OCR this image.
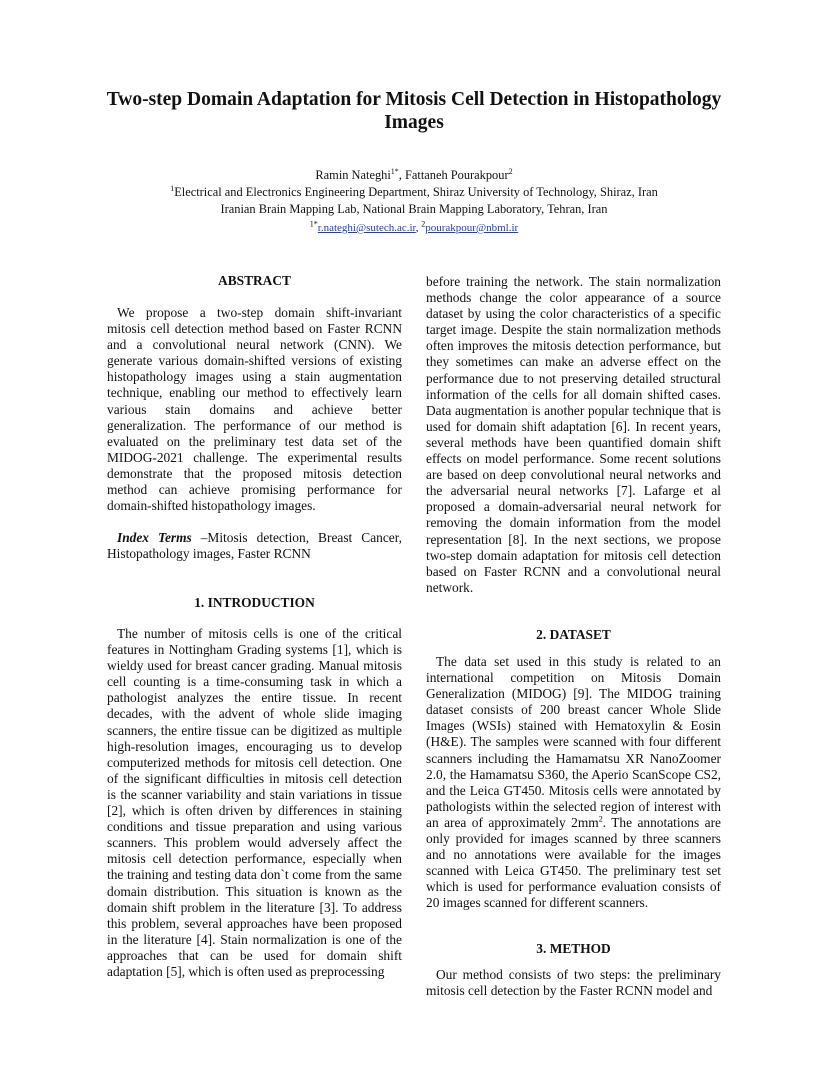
Two-step Domain Adaptation for Mitosis Cell Detection in Histopathology Images
Ramin Nateghi$^{1*}$, Fattaneh Pourakpour$^2$
$^1$Electrical and Electronics Engineering Department, Shiraz University of Technology, Shiraz, Iran
Iranian Brain Mapping Lab, National Brain Mapping Laboratory, Tehran, Iran
$^{1*}$r.nateghi@sutech.ac.ir, $^2$pourakpour@nbml.ir
ABSTRACT

We propose a two-step domain shift-invariant mitosis cell detection method based on Faster RCNN and a convolutional neural network (CNN). We generate various domain-shifted versions of existing histopathology images using a stain augmentation technique, enabling our method to effectively learn various stain domains and achieve better generalization. The performance of our method is evaluated on the preliminary test data set of the MIDOG-2021 challenge. The experimental results demonstrate that the proposed mitosis detection method can achieve promising performance for domain-shifted histopathology images.

Index Terms –Mitosis detection, Breast Cancer, Histopathology images, Faster RCNN

1. INTRODUCTION

The number of mitosis cells is one of the critical features in Nottingham Grading systems [1], which is wieldy used for breast cancer grading. Manual mitosis cell counting is a time-consuming task in which a pathologist analyzes the entire tissue. In recent decades, with the advent of whole slide imaging scanners, the entire tissue can be digitized as multiple high-resolution images, encouraging us to develop computerized methods for mitosis cell detection. One of the significant difficulties in mitosis cell detection is the scanner variability and stain variations in tissue [2], which is often driven by differences in staining conditions and tissue preparation and using various scanners. This problem would adversely affect the mitosis cell detection performance, especially when the training and testing data don`t come from the same domain distribution. This situation is known as the domain shift problem in the literature [3]. To address this problem, several approaches have been proposed in the literature [4]. Stain normalization is one of the approaches that can be used for domain shift adaptation [5], which is often used as preprocessing

before training the network. The stain normalization methods change the color appearance of a source dataset by using the color characteristics of a specific target image. Despite the stain normalization methods often improves the mitosis detection performance, but they sometimes can make an adverse effect on the performance due to not preserving detailed structural information of the cells for all domain shifted cases. Data augmentation is another popular technique that is used for domain shift adaptation [6]. In recent years, several methods have been quantified domain shift effects on model performance. Some recent solutions are based on deep convolutional neural networks and the adversarial neural networks [7]. Lafarge et al proposed a domain-adversarial neural network for removing the domain information from the model representation [8]. In the next sections, we propose two-step domain adaptation for mitosis cell detection based on Faster RCNN and a convolutional neural network.

2. DATASET

The data set used in this study is related to an international competition on Mitosis Domain Generalization (MIDOG) [9]. The MIDOG training dataset consists of 200 breast cancer Whole Slide Images (WSIs) stained with Hematoxylin & Eosin (H&E). The samples were scanned with four different scanners including the Hamamatsu XR NanoZoomer 2.0, the Hamamatsu S360, the Aperio ScanScope CS2, and the Leica GT450. Mitosis cells were annotated by pathologists within the selected region of interest with an area of approximately $2mm^2$. The annotations are only provided for images scanned by three scanners and no annotations were available for the images scanned with Leica GT450. The preliminary test set which is used for performance evaluation consists of 20 images scanned for different scanners.

3. METHOD

Our method consists of two steps: the preliminary mitosis cell detection by the Faster RCNN model and
